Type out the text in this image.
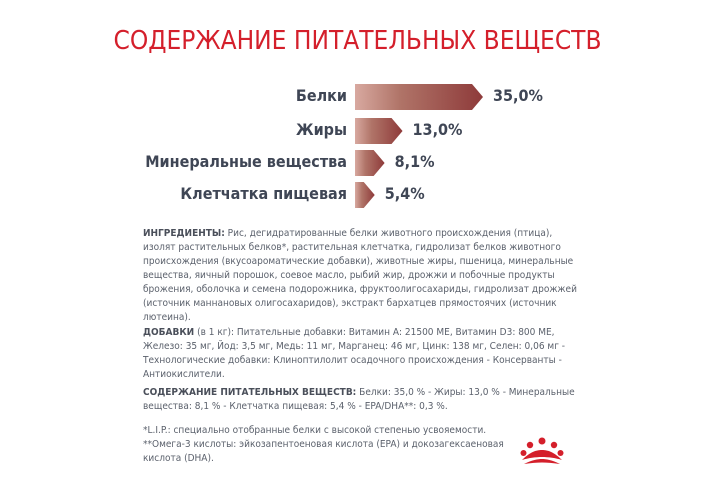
СОДЕРЖАНИЕ ПИТАТЕЛЬНЫХ ВЕЩЕСТВ
Белки	35,0%
Жиры	13,0%
Минеральные вещества	8,1%
Клетчатка пищевая 5,4%

ИНГРЕДИЕНТЫ: Рис, дегидратированные белки животного происхождения (птица), изолят растительных белков*, растительная клетчатка, гидролизат белков животного происхождения (вкусоароматические добавки), животные жиры, пшеница, минеральные вещества, яичный порошок, соевое масло, рыбий жир, дрожжи и побочные продукты брожения, оболочка и семена подорожника, фруктоолигосахариды, гидролизат дрожжей (источник маннановых олигосахаридов), экстракт бархатцев прямостоячих (источник лютеина).

ДОБАВКИ (в 1 кг): Питательные добавки: Витамин А: 21500 МЕ, Витамин D3: 800 МЕ, Железо: 35 мг, Йод: 3,5 мг, Медь: 11 мг, Марганец: 46 мг, Цинк: 138 мг, Селен: 0,06 мг - Технологические добавки: Клиноптилолит осадочного происхождения - Консерванты - Антиокислители.

СОДЕРЖАНИЕ ПИТАТЕЛЬНЫХ ВЕЩЕСТВ: Белки: 35,0 % - Жиры: 13,0 % - Минеральные вещества: 8,1 % - Клетчатка пищевая: 5,4 % - EPA/DHA**: 0,3 %.

*L.I.P.: специально отобранные белки с высокой степенью усвояемости.

**Омега-3 кислоты: эйкозапентоеновая кислота (EPA) и докозагексаеновая кислота (DHA).
